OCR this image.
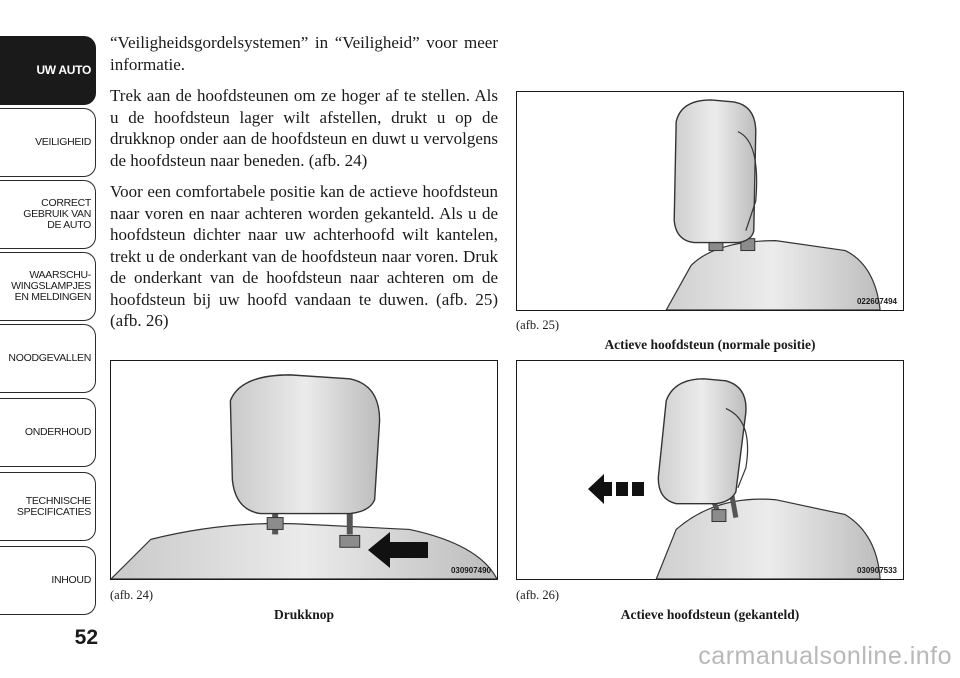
UW AUTO
VEILIGHEID
CORRECT
GEBRUIK VAN
DE AUTO
WAARSCHU-
WINGSLAMPJES
EN MELDINGEN
NOODGEVALLEN
ONDERHOUD
TECHNISCHE
SPECIFICATIES
INHOUD
52

“Veiligheidsgordelsystemen” in “Veiligheid” voor meer informatie.

Trek aan de hoofdsteunen om ze hoger af te stellen. Als u de hoofdsteun lager wilt afstellen, drukt u op de drukknop onder aan de hoofdsteun en duwt u vervolgens de hoofdsteun naar beneden. (afb. 24)

Voor een comfortabele positie kan de actieve hoofdsteun naar voren en naar achteren worden gekanteld. Als u de hoofdsteun dichter naar uw achterhoofd wilt kantelen, trekt u de onderkant van de hoofdsteun naar voren. Druk de onderkant van de hoofdsteun naar achteren om de hoofdsteun bij uw hoofd vandaan te duwen. (afb. 25) (afb. 26)

022607494
(afb. 25)
Actieve hoofdsteun (normale positie)
030907490
(afb. 24)
Drukknop
030907533
(afb. 26)
Actieve hoofdsteun (gekanteld)
carmanualsonline.info
